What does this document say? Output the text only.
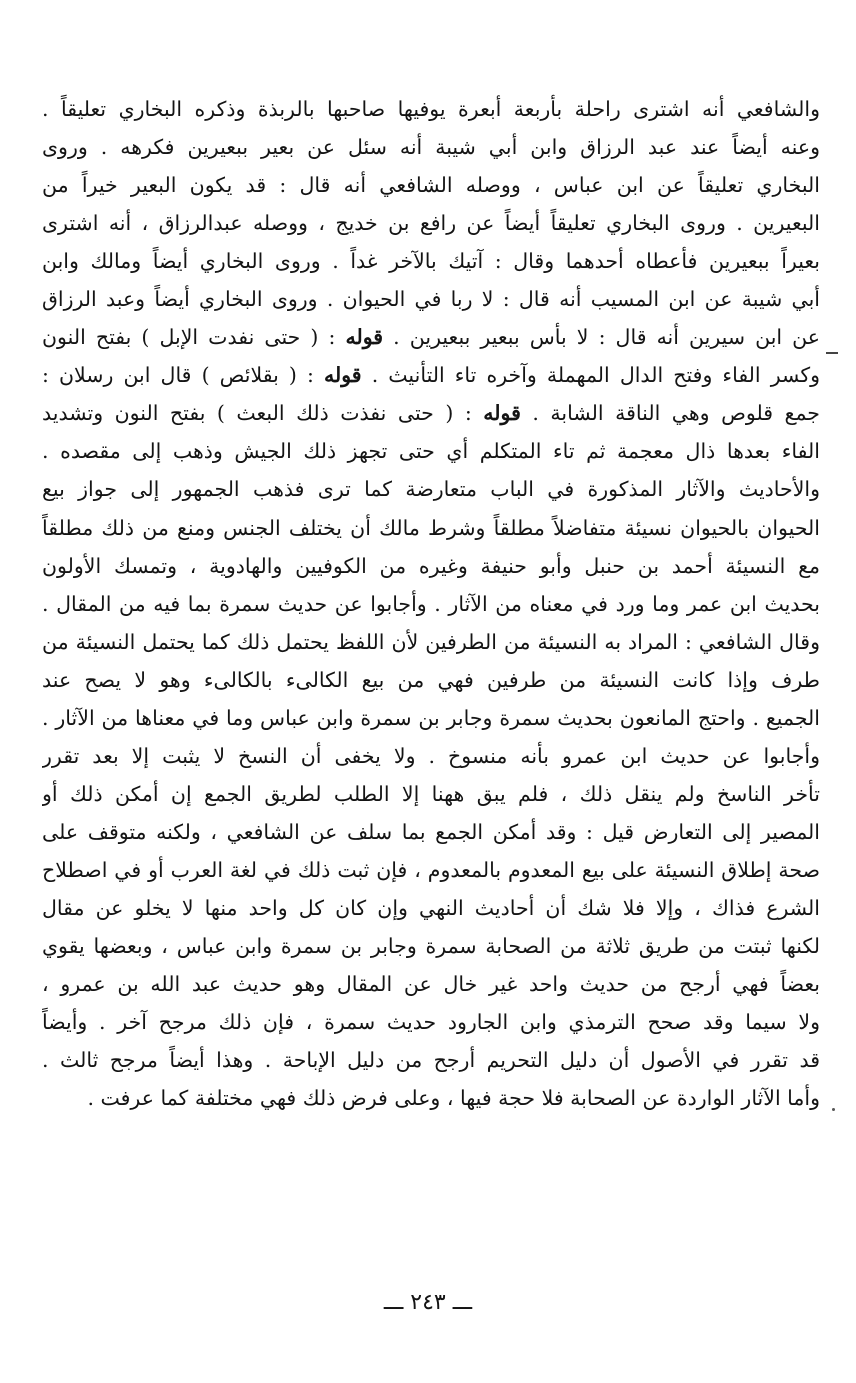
والشافعي أنه اشترى راحلة بأربعة أبعرة يوفيها صاحبها بالربذة وذكره البخاري تعليقاً .
وعنه أيضاً عند عبد الرزاق وابن أبي شيبة أنه سئل عن بعير ببعيرين فكرهه . وروى
البخاري تعليقاً عن ابن عباس ، ووصله الشافعي أنه قال : قد يكون البعير خيراً من
البعيرين . وروى البخاري تعليقاً أيضاً عن رافع بن خديج ، ووصله عبدالرزاق ، أنه اشترى
بعيراً ببعيرين فأعطاه أحدهما وقال : آتيك بالآخر غداً . وروى البخاري أيضاً ومالك وابن
أبي شيبة عن ابن المسيب أنه قال : لا ربا في الحيوان . وروى البخاري أيضاً وعبد الرزاق
عن ابن سيرين أنه قال : لا بأس ببعير ببعيرين . قوله : ( حتى نفدت الإبل ) بفتح النون
وكسر الفاء وفتح الدال المهملة وآخره تاء التأنيث . قوله : ( بقلائص ) قال ابن رسلان :
جمع قلوص وهي الناقة الشابة . قوله : ( حتى نفذت ذلك البعث ) بفتح النون وتشديد
الفاء بعدها ذال معجمة ثم تاء المتكلم أي حتى تجهز ذلك الجيش وذهب إلى مقصده .
والأحاديث والآثار المذكورة في الباب متعارضة كما ترى فذهب الجمهور إلى جواز بيع
الحيوان بالحيوان نسيئة متفاضلاً مطلقاً وشرط مالك أن يختلف الجنس ومنع من ذلك مطلقاً
مع النسيئة أحمد بن حنبل وأبو حنيفة وغيره من الكوفيين والهادوية ، وتمسك الأولون
بحديث ابن عمر وما ورد في معناه من الآثار . وأجابوا عن حديث سمرة بما فيه من المقال .
وقال الشافعي : المراد به النسيئة من الطرفين لأن اللفظ يحتمل ذلك كما يحتمل النسيئة من
طرف وإذا كانت النسيئة من طرفين فهي من بيع الكالىء بالكالىء وهو لا يصح عند
الجميع . واحتج المانعون بحديث سمرة وجابر بن سمرة وابن عباس وما في معناها من الآثار .
وأجابوا عن حديث ابن عمرو بأنه منسوخ . ولا يخفى أن النسخ لا يثبت إلا بعد تقرر
تأخر الناسخ ولم ينقل ذلك ، فلم يبق ههنا إلا الطلب لطريق الجمع إن أمكن ذلك أو
المصير إلى التعارض قيل : وقد أمكن الجمع بما سلف عن الشافعي ، ولكنه متوقف على
صحة إطلاق النسيئة على بيع المعدوم بالمعدوم ، فإن ثبت ذلك في لغة العرب أو في اصطلاح
الشرع فذاك ، وإلا فلا شك أن أحاديث النهي وإن كان كل واحد منها لا يخلو عن مقال
لكنها ثبتت من طريق ثلاثة من الصحابة سمرة وجابر بن سمرة وابن عباس ، وبعضها يقوي
بعضاً فهي أرجح من حديث واحد غير خال عن المقال وهو حديث عبد الله بن عمرو ،
ولا سيما وقد صحح الترمذي وابن الجارود حديث سمرة ، فإن ذلك مرجح آخر . وأيضاً
قد تقرر في الأصول أن دليل التحريم أرجح من دليل الإباحة . وهذا أيضاً مرجح ثالث .
وأما الآثار الواردة عن الصحابة فلا حجة فيها ، وعلى فرض ذلك فهي مختلفة كما عرفت .
ـــ ٢٤٣ ـــ
